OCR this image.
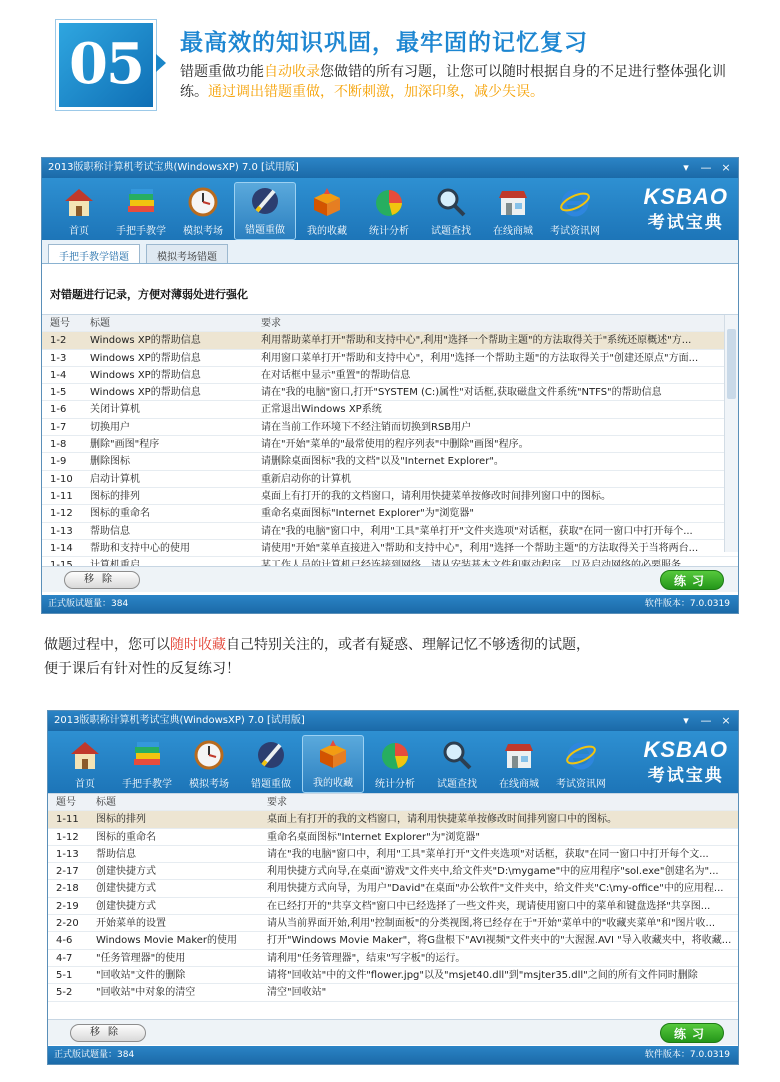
05	最高效的知识巩固，最牢固的记忆复习
错题重做功能自动收录您做错的所有习题，让您可以随时根据自身的不足进行整体强化训练。通过调出错题重做，不断刺激，加深印象，减少失误。
2013版职称计算机考试宝典(WindowsXP) 7.0 [试用版]	▾ — ×
首页	手把手教学 模拟考场 错题重做 我的收藏 统计分析 试题查找 在线商城 考试资讯网
KSBAO
考试宝典
手把手教学错题	模拟考场错题
对错题进行记录，方便对薄弱处进行强化
题号	标题	要求
1-2	Windows XP的帮助信息	利用帮助菜单打开"帮助和支持中心",利用"选择一个帮助主题"的方法取得关于"系统还原概述"方...
1-3	Windows XP的帮助信息	利用窗口菜单打开"帮助和支持中心"，利用"选择一个帮助主题"的方法取得关于"创建还原点"方面...
1-4	Windows XP的帮助信息	在对话框中显示"重置"的帮助信息
1-5	Windows XP的帮助信息	请在"我的电脑"窗口,打开"SYSTEM (C:)属性"对话框,获取磁盘文件系统"NTFS"的帮助信息
1-6	关闭计算机	正常退出Windows XP系统
1-7	切换用户	请在当前工作环境下不经注销而切换到RSB用户
1-8	删除"画图"程序	请在"开始"菜单的"最常使用的程序列表"中删除"画图"程序。
1-9	删除图标	请删除桌面图标"我的文档"以及"Internet Explorer"。
1-10	启动计算机	重新启动你的计算机
1-11	图标的排列	桌面上有打开的我的文档窗口，请利用快捷菜单按修改时间排列窗口中的图标。
1-12	图标的重命名	重命名桌面图标"Internet Explorer"为"浏览器"
1-13	帮助信息	请在"我的电脑"窗口中，利用"工具"菜单打开"文件夹选项"对话框，获取"在同一窗口中打开每个...
1-14	帮助和支持中心的使用	请使用"开始"菜单直接进入"帮助和支持中心"，利用"选择一个帮助主题"的方法取得关于当将两台...
移除	练习
正式版试题量：384	软件版本：7.0.0319
做题过程中，您可以随时收藏自己特别关注的，或者有疑惑、理解记忆不够透彻的试题，
便于课后有针对性的反复练习！
2013版职称计算机考试宝典(WindowsXP) 7.0 [试用版]	▾ — ×
首页	手把手教学 模拟考场 错题重做 我的收藏 统计分析 试题查找 在线商城 考试资讯网
KSBAO
考试宝典
题号	标题	要求
1-11	图标的排列	桌面上有打开的我的文档窗口，请利用快捷菜单按修改时间排列窗口中的图标。
1-12	图标的重命名	重命名桌面图标"Internet Explorer"为"浏览器"
1-13	帮助信息	请在"我的电脑"窗口中，利用"工具"菜单打开"文件夹选项"对话框，获取"在同一窗口中打开每个文...
2-17	创建快捷方式	利用快捷方式向导,在桌面"游戏"文件夹中,给文件夹"D:\mygame"中的应用程序"sol.exe"创建名为"...
2-18	创建快捷方式	利用快捷方式向导，为用户"David"在桌面"办公软件"文件夹中，给文件夹"C:\my-office"中的应用程...
2-19	创建快捷方式	在已经打开的"共享文档"窗口中已经选择了一些文件夹，现请使用窗口中的菜单和键盘选择"共享图...
2-20	开始菜单的设置	请从当前界面开始,利用"控制面板"的分类视图,将已经存在于"开始"菜单中的"收藏夹菜单"和"图片收...
4-6	Windows Movie Maker的使用	打开"Windows Movie Maker"，将G盘根下"AVI视频"文件夹中的"大渥渥.AVI "导入收藏夹中，将收藏...
4-7	"任务管理器"的使用	请利用"任务管理器"，结束"写字板"的运行。
5-1	"回收站"文件的删除	请将"回收站"中的文件"flower.jpg"以及"msjet40.dll"到"msjter35.dll"之间的所有文件同时删除
5-2	"回收站"中对象的清空	清空"回收站"
移除	练习
正式版试题量：384	软件版本：7.0.0319
